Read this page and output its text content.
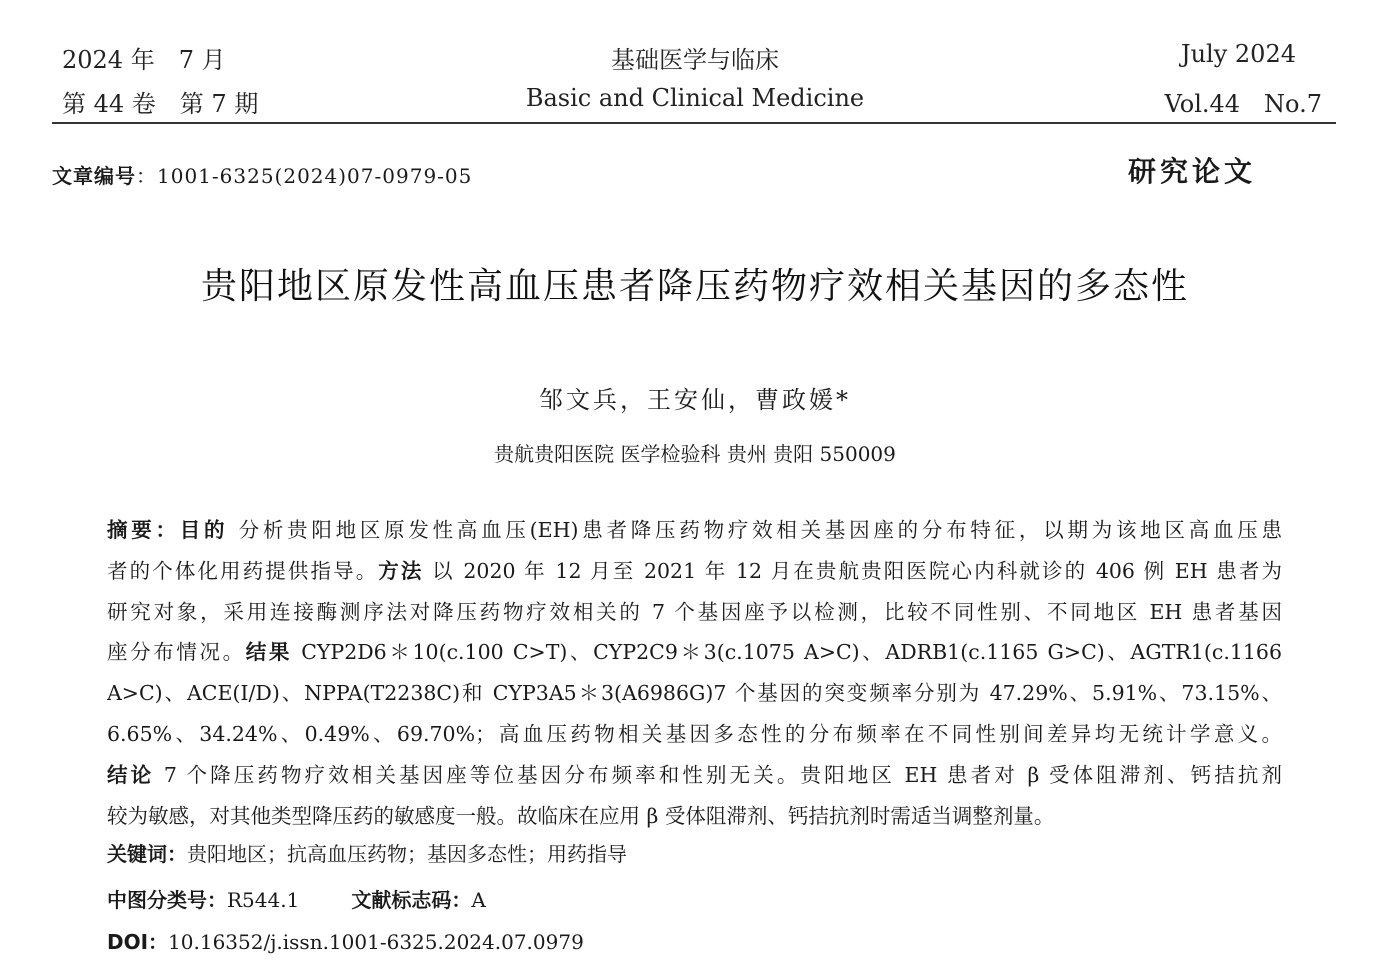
2024 年　7 月
第 44 卷　第 7 期
基础医学与临床
Basic and Clinical Medicine
July 2024
Vol.44　No.7
文章编号：1001-6325(2024)07-0979-05	研究论文
贵阳地区原发性高血压患者降压药物疗效相关基因的多态性
邹文兵，王安仙，曹政媛*
贵航贵阳医院 医学检验科 贵州 贵阳 550009
摘要：目的 分析贵阳地区原发性高血压(EH)患者降压药物疗效相关基因座的分布特征，以期为该地区高血压患
者的个体化用药提供指导。方法 以 2020 年 12 月至 2021 年 12 月在贵航贵阳医院心内科就诊的 406 例 EH 患者为
研究对象，采用连接酶测序法对降压药物疗效相关的 7 个基因座予以检测，比较不同性别、不同地区 EH 患者基因
座分布情况。结果 CYP2D6＊10(c.100 C>T)、CYP2C9＊3(c.1075 A>C)、ADRB1(c.1165 G>C)、AGTR1(c.1166
A>C)、ACE(I/D)、NPPA(T2238C)和 CYP3A5＊3(A6986G)7 个基因的突变频率分别为 47.29%、5.91%、73.15%、
6.65%、34.24%、0.49%、69.70%；高血压药物相关基因多态性的分布频率在不同性别间差异均无统计学意义。
结论 7 个降压药物疗效相关基因座等位基因分布频率和性别无关。贵阳地区 EH 患者对 β 受体阻滞剂、钙拮抗剂
较为敏感，对其他类型降压药的敏感度一般。故临床在应用 β 受体阻滞剂、钙拮抗剂时需适当调整剂量。
关键词：贵阳地区；抗高血压药物；基因多态性；用药指导
中图分类号：R544.1	文献标志码：A
DOI：10.16352/j.issn.1001-6325.2024.07.0979
